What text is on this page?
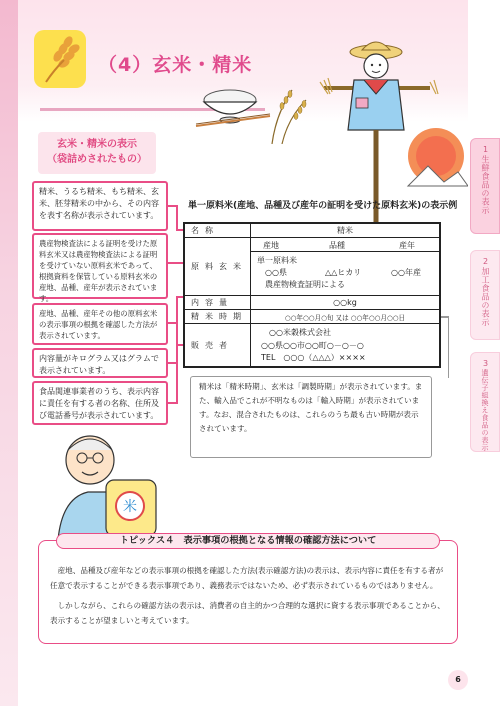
（4）玄米・精米
1
生鮮食品の表示
2
加工食品の表示
3
遺伝子組換え食品の表示
玄米・精米の表示
（袋詰めされたもの）
精米、うるち精米、もち精米、玄米、胚芽精米の中から、その内容を表す名称が表示されています。
農産物検査法による証明を受けた原料玄米又は農産物検査法による証明を受けていない原料玄米であって、根拠資料を保管している原料玄米の産地、品種、産年が表示されています。
産地、品種、産年その他の原料玄米の表示事項の根拠を確認した方法が表示されています。
内容量がキログラム又はグラムで表示されています。
食品関連事業者のうち、表示内容に責任を有する者の名称、住所及び電話番号が表示されています。
単一原料米(産地、品種及び産年の証明を受けた原料玄米)の表示例
名称	精米
原料玄米
産地	品種	産年
単一原料米
○○県	△△ヒカリ	○○年産
農産物検査証明による
内容量	○○kg
精米時期	○○年○○月○旬 又は ○○年○○月○○日
販売者
○○米穀株式会社
○○県○○市○○町○－○－○
TEL　○○○（△△△）××××
精米は「精米時期」、玄米は「調製時期」が表示されています。また、輸入品でこれが不明なものは「輸入時期」が表示されています。なお、混合されたものは、これらのうち最も古い時期が表示されています。
米
トピックス４　表示事項の根拠となる情報の確認方法について

産地、品種及び産年などの表示事項の根拠を確認した方法(表示確認方法)の表示は、表示内容に責任を有する者が任意で表示することができる表示事項であり、義務表示ではないため、必ず表示されているものではありません。

しかしながら、これらの確認方法の表示は、消費者の自主的かつ合理的な選択に資する表示事項であることから、表示することが望ましいと考えています。

6
